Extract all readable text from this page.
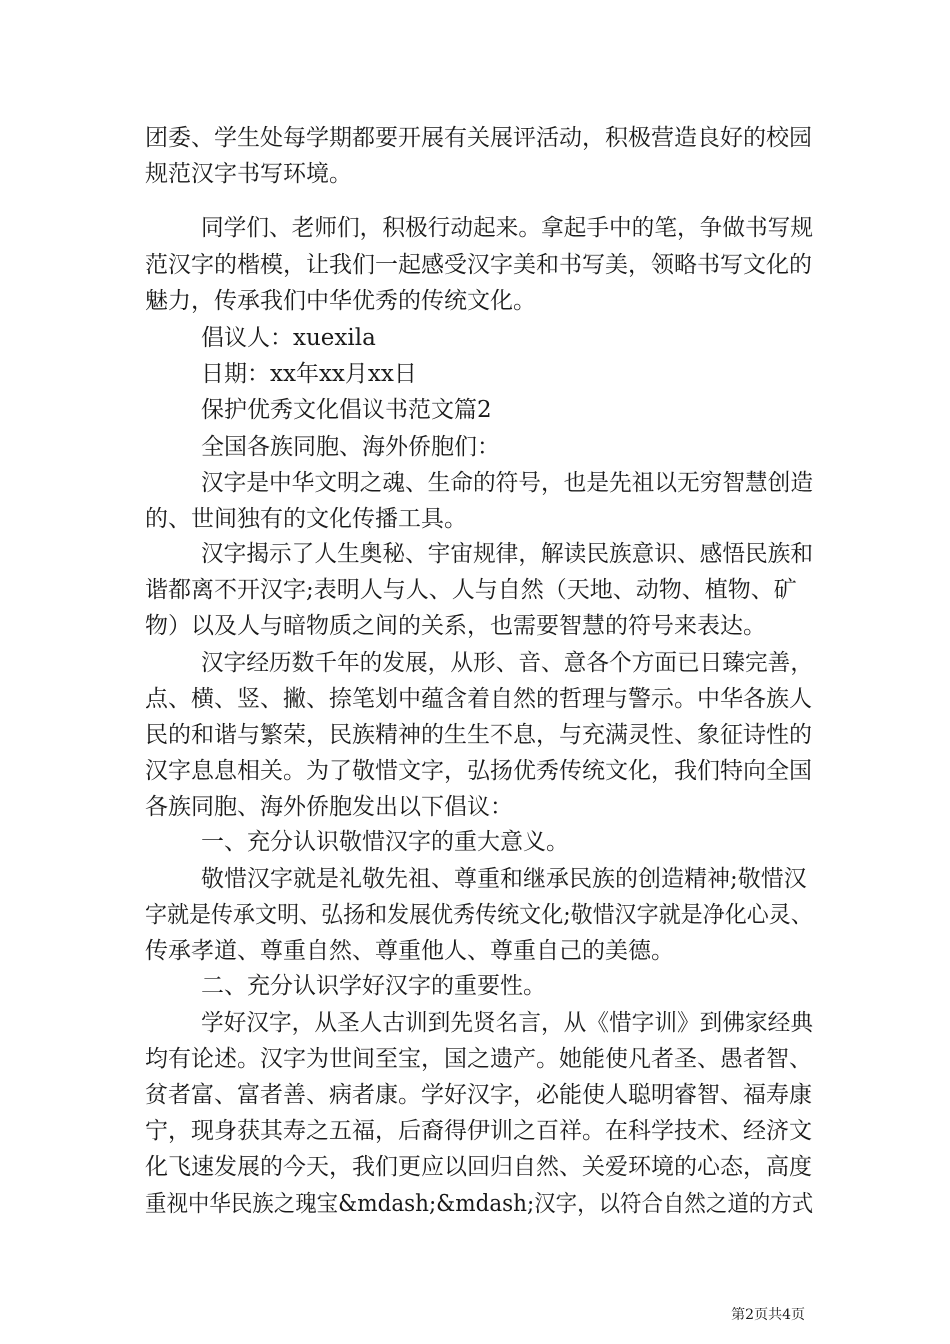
团委、学生处每学期都要开展有关展评活动，积极营造良好的校园
规范汉字书写环境。
同学们、老师们，积极行动起来。拿起手中的笔，争做书写规
范汉字的楷模，让我们一起感受汉字美和书写美，领略书写文化的
魅力，传承我们中华优秀的传统文化。
倡议人：xuexila
日期：xx年xx月xx日
保护优秀文化倡议书范文篇2
全国各族同胞、海外侨胞们：
汉字是中华文明之魂、生命的符号，也是先祖以无穷智慧创造
的、世间独有的文化传播工具。
汉字揭示了人生奥秘、宇宙规律，解读民族意识、感悟民族和
谐都离不开汉字;表明人与人、人与自然（天地、动物、植物、矿
物）以及人与暗物质之间的关系，也需要智慧的符号来表达。
汉字经历数千年的发展，从形、音、意各个方面已日臻完善，
点、横、竖、撇、捺笔划中蕴含着自然的哲理与警示。中华各族人
民的和谐与繁荣，民族精神的生生不息，与充满灵性、象征诗性的
汉字息息相关。为了敬惜文字，弘扬优秀传统文化，我们特向全国
各族同胞、海外侨胞发出以下倡议：
一、充分认识敬惜汉字的重大意义。
敬惜汉字就是礼敬先祖、尊重和继承民族的创造精神;敬惜汉
字就是传承文明、弘扬和发展优秀传统文化;敬惜汉字就是净化心灵、
传承孝道、尊重自然、尊重他人、尊重自己的美德。
二、充分认识学好汉字的重要性。
学好汉字，从圣人古训到先贤名言，从《惜字训》到佛家经典
均有论述。汉字为世间至宝，国之遗产。她能使凡者圣、愚者智、
贫者富、富者善、病者康。学好汉字，必能使人聪明睿智、福寿康
宁，现身获其寿之五福，后裔得伊训之百祥。在科学技术、经济文
化飞速发展的今天，我们更应以回归自然、关爱环境的心态，高度
重视中华民族之瑰宝&mdash;&mdash;汉字，以符合自然之道的方式
第2页共4页
